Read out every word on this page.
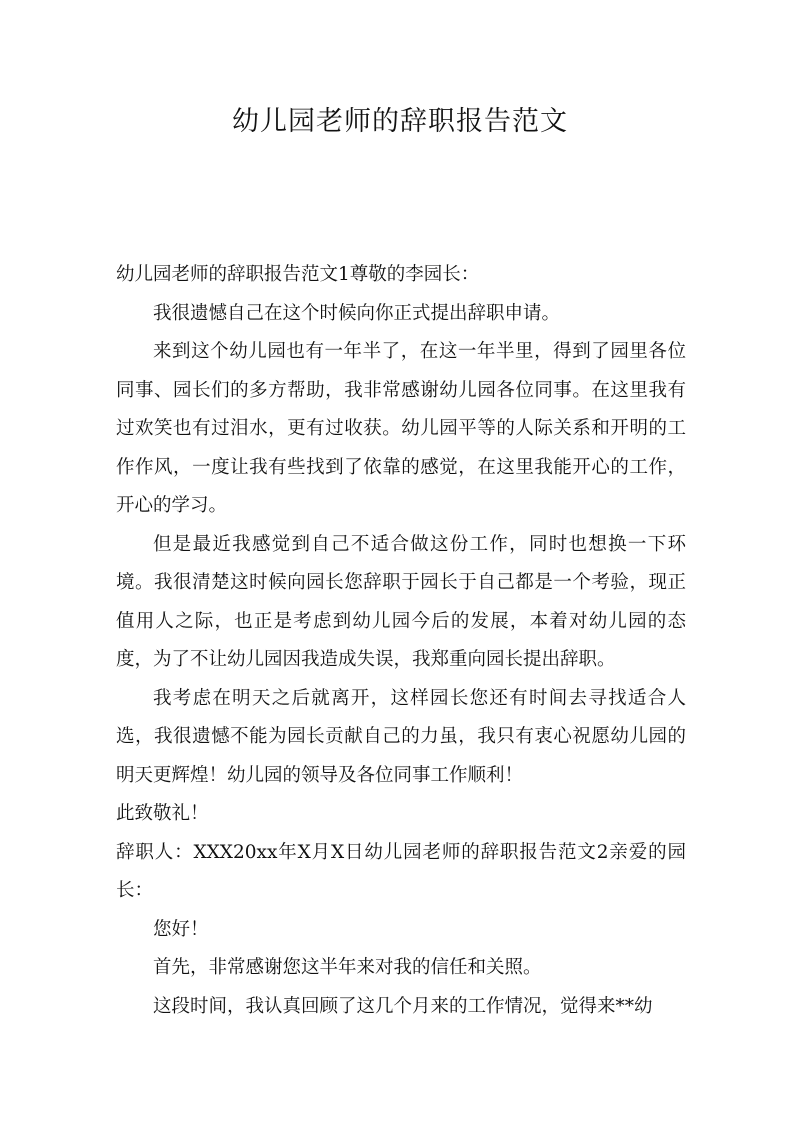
幼儿园老师的辞职报告范文

幼儿园老师的辞职报告范文1尊敬的李园长：

我很遗憾自己在这个时候向你正式提出辞职申请。

来到这个幼儿园也有一年半了，在这一年半里，得到了园里各位同事、园长们的多方帮助，我非常感谢幼儿园各位同事。在这里我有过欢笑也有过泪水，更有过收获。幼儿园平等的人际关系和开明的工作作风，一度让我有些找到了依靠的感觉，在这里我能开心的工作，开心的学习。

但是最近我感觉到自己不适合做这份工作，同时也想换一下环境。我很清楚这时候向园长您辞职于园长于自己都是一个考验，现正值用人之际，也正是考虑到幼儿园今后的发展，本着对幼儿园的态度，为了不让幼儿园因我造成失误，我郑重向园长提出辞职。

我考虑在明天之后就离开，这样园长您还有时间去寻找适合人选，我很遗憾不能为园长贡献自己的力虽，我只有衷心祝愿幼儿园的明天更辉煌！幼儿园的领导及各位同事工作顺利！

此致敬礼！

辞职人：XXX20xx年X月X日幼儿园老师的辞职报告范文2亲爱的园长：

您好！

首先，非常感谢您这半年来对我的信任和关照。

这段时间，我认真回顾了这几个月来的工作情况，觉得来**幼
